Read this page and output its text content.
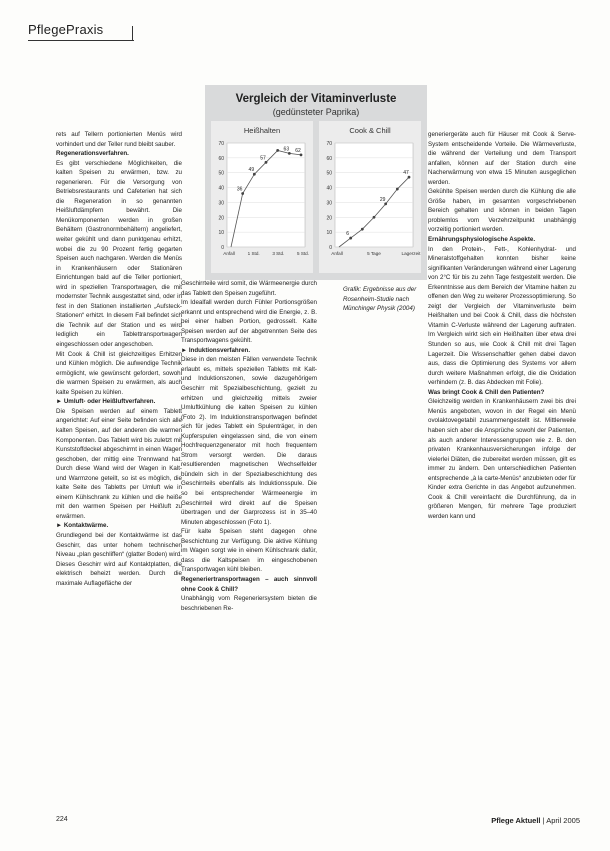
PflegePraxis

rets auf Tellern portionierten Menüs wird vorhindert und der Teller rund bleibt sauber.

Regenerationsverfahren.

Es gibt verschiedene Möglichkeiten, die kalten Speisen zu erwärmen, bzw. zu regenerieren. Für die Versorgung von Betriebsrestaurants und Cafeterien hat sich die Regeneration in so genannten Heißluftdämpfern bewährt. Die Menükomponenten werden in großen Behältern (Gastronormbehältern) angeliefert, weiter gekühlt und dann punktgenau erhitzt, wobei die zu 90 Prozent fertig gegarten Speisen auch nachgaren. Werden die Menüs in Krankenhäusern oder Stationären Einrichtungen bald auf die Teller portioniert, wird in speziellen Transportwagen, die mit modernster Technik ausgestattet sind, oder in fest in den Stationen installierten „Aufsteck-Stationen“ erhitzt. In diesem Fall befindet sich die Technik auf der Station und es wird lediglich ein Tablettransportwagen eingeschlossen oder angeschoben.

Mit Cook & Chill ist gleichzeitiges Erhitzen und Kühlen möglich. Die aufwendige Technik ermöglicht, wie gewünscht gefordert, sowohl die warmen Speisen zu erwärmen, als auch kalte Speisen zu kühlen.

► Umluft- oder Heißluftverfahren.

Die Speisen werden auf einem Tablett angerichtet: Auf einer Seite befinden sich alle kalten Speisen, auf der anderen die warmen Komponenten. Das Tablett wird bis zuletzt mit Kunststoffdeckel abgeschirmt in einen Wagen geschoben, der mittig eine Trennwand hat. Durch diese Wand wird der Wagen in Kalt- und Warmzone geteilt, so ist es möglich, die kalte Seite des Tabletts per Umluft wie in einem Kühlschrank zu kühlen und die heiße mit den warmen Speisen per Heißluft zu erwärmen.

► Kontaktwärme.

Grundlegend bei der Kontaktwärme ist das Geschirr, das unter hohem technischen Niveau „plan geschliffen“ (glatter Boden) wird. Dieses Geschirr wird auf Kontaktplatten, die elektrisch beheizt werden. Durch die maximale Auflagefläche der

Vergleich der Vitaminverluste
(gedünsteter Paprika)
Heißhalten
70
60
50
40
30
20
10
0
36
49
57
63 62
Anfall	1 Std.	3 Std.	5 Std.
Cook & Chill
70
60
50
40
30
20
10
0
6
29
47
Anfall	5 Tage	Lagerzeit

Geschirrteile wird somit, die Wärmeenergie durch das Tablett den Speisen zugeführt.

Im Idealfall werden durch Fühler Portionsgrößen erkannt und entsprechend wird die Energie, z. B. bei einer halben Portion, gedrosselt. Kalte Speisen werden auf der abgetrennten Seite des Transportwagens gekühlt.

► Induktionsverfahren.

Diese in den meisten Fällen verwendete Technik erlaubt es, mittels speziellen Tabletts mit Kalt- und Induktionszonen, sowie dazugehörigem Geschirr mit Spezialbeschichtung, gezielt zu erhitzen und gleichzeitig mittels zweier Umluftkühlung die kalten Speisen zu kühlen (Foto 2). Im Induktionstransportwagen befindet sich für jedes Tablett ein Spulenträger, in den Kupferspulen eingelassen sind, die von einem Hochfrequenzgenerator mit hoch frequentem Strom versorgt werden. Die daraus resultierenden magnetischen Wechselfelder bündeln sich in der Spezialbeschichtung des Geschirrteils ebenfalls als Induktionsspule. Die so bei entsprechender Wärmeenergie im Geschirrteil wird direkt auf die Speisen übertragen und der Garprozess ist in 35–40 Minuten abgeschlossen (Foto 1).

Für kalte Speisen steht dagegen ohne Beschichtung zur Verfügung. Die aktive Kühlung im Wagen sorgt wie in einem Kühlschrank dafür, dass die Kaltspeisen im eingeschobenen Transportwagen kühl bleiben.

Regeneriertransportwagen – auch sinnvoll ohne Cook & Chill?

Unabhängig vom Regeneriersystem bieten die beschriebenen Re-

Grafik: Ergebnisse aus der Rosenheim-Studie nach Münchinger Physik (2004)

generiergeräte auch für Häuser mit Cook & Serve-System entscheidende Vorteile. Die Wärmeverluste, die während der Verteilung und dem Transport anfallen, können auf der Station durch eine Nacherwärmung von etwa 15 Minuten ausgeglichen werden.

Gekühlte Speisen werden durch die Kühlung die alle Größe haben, im gesamten vorgeschriebenen Bereich gehalten und können in beiden Tagen problemlos vom Verzehrzeitpunkt unabhängig vorzeitig portioniert werden.

Ernährungsphysiologische Aspekte.

In den Protein-, Fett-, Kohlenhydrat- und Mineralstoffgehalten konnten bisher keine signifikanten Veränderungen während einer Lagerung von 2°C für bis zu zehn Tage festgestellt werden. Die Erkenntnisse aus dem Bereich der Vitamine halten zu offenen den Weg zu weiterer Prozessoptimierung. So zeigt der Vergleich der Vitaminverluste beim Heißhalten und bei Cook & Chill, dass die höchsten Vitamin C-Verluste während der Lagerung auftraten. Im Vergleich wirkt sich ein Heißhalten über etwa drei Stunden so aus, wie Cook & Chill mit drei Tagen Lagerzeit. Die Wissenschaftler gehen dabei davon aus, dass die Optimierung des Systems vor allem durch weitere Maßnahmen erfolgt, die die Oxidation verhindern (z. B. das Abdecken mit Folie).

Was bringt Cook & Chill den Patienten?

Gleichzeitig werden in Krankenhäusern zwei bis drei Menüs angeboten, wovon in der Regel ein Menü ovolaktovegetabil zusammengestellt ist. Mittlerweile haben sich aber die Ansprüche sowohl der Patienten, als auch anderer Interessengruppen wie z. B. den privaten Krankenhausversicherungen infolge der vielerlei Diäten, die zubereitet werden müssen, gilt es immer zu ändern. Den unterschiedlichen Patienten entsprechende „à la carte-Menüs“ anzubieten oder für Kinder extra Gerichte in das Angebot aufzunehmen. Cook & Chill vereinfacht die Durchführung, da in größeren Mengen, für mehrere Tage produziert werden kann und

224	Pflege Aktuell | April 2005
